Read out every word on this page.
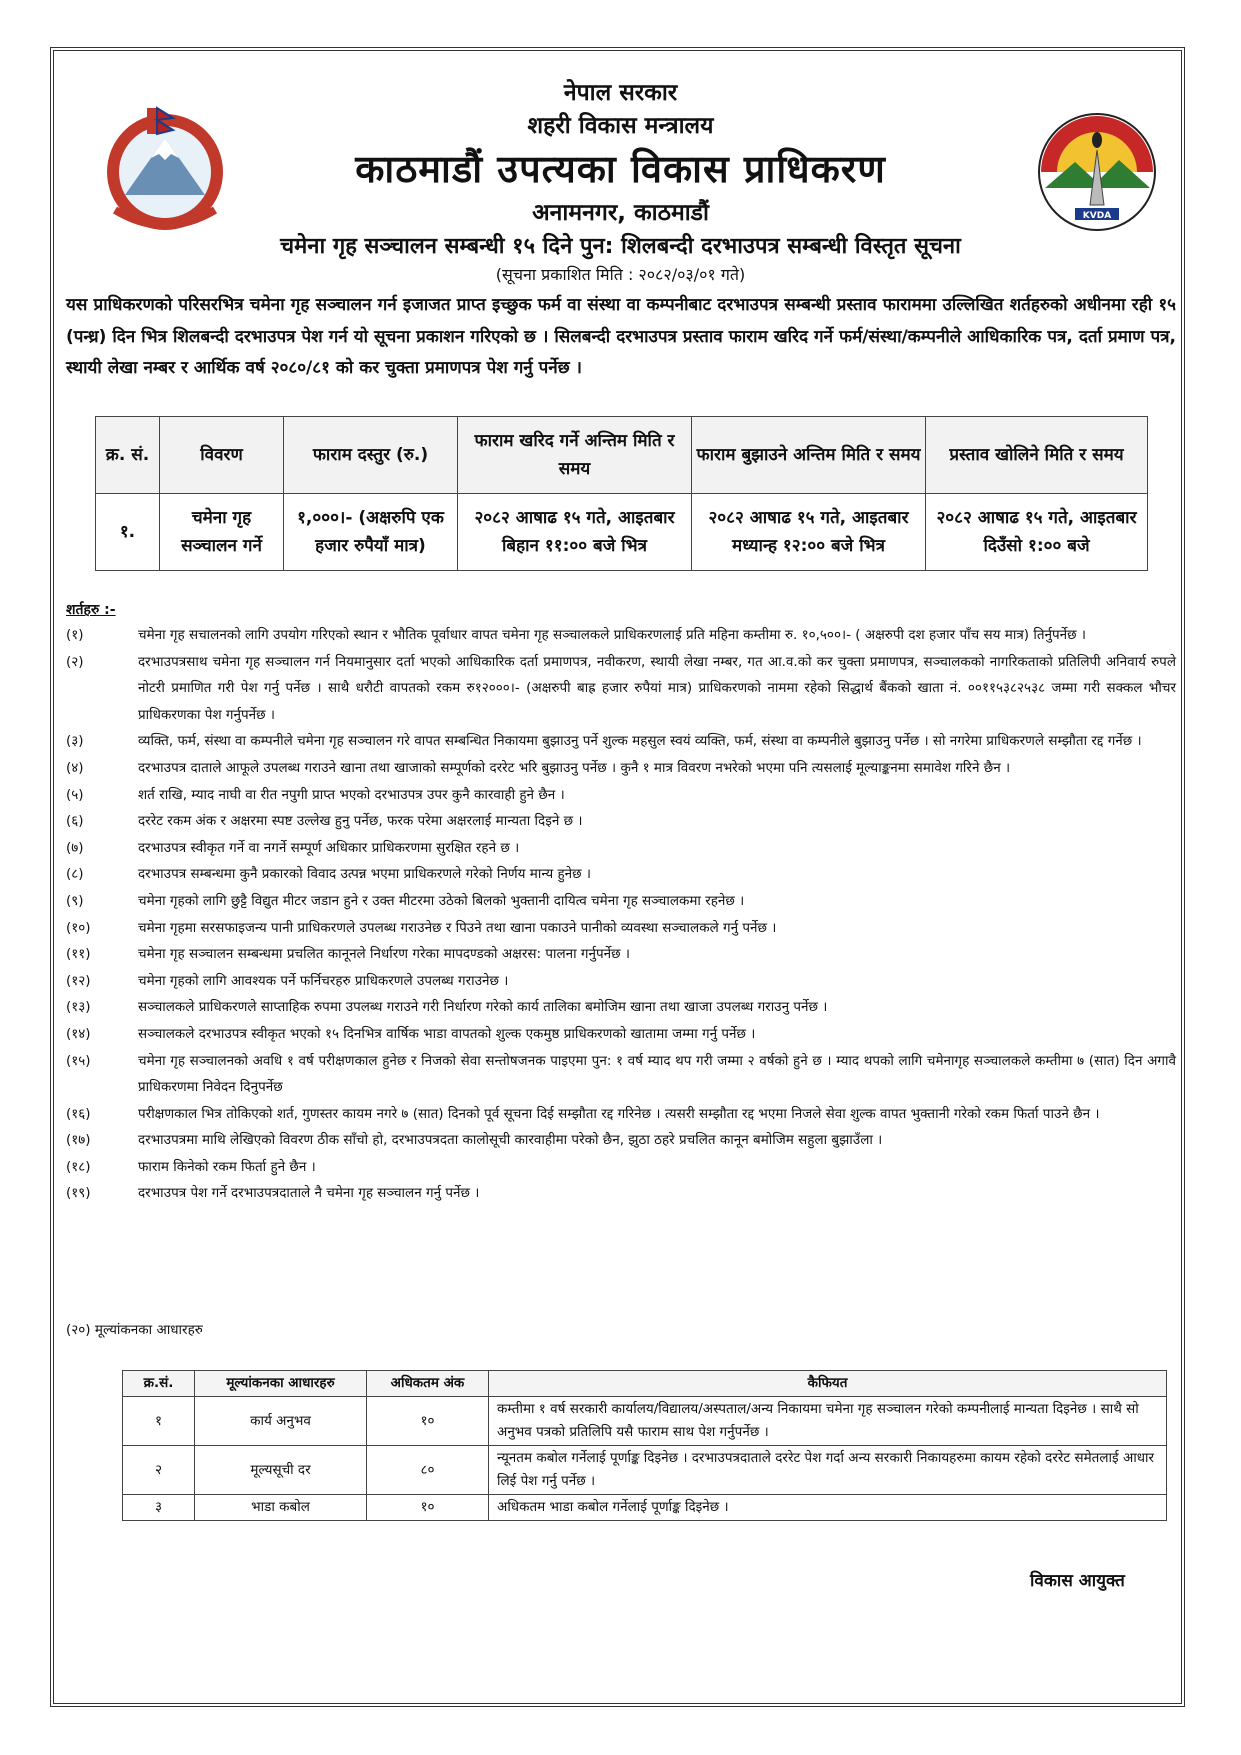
KVDA
नेपाल सरकार
शहरी विकास मन्त्रालय
काठमाडौं उपत्यका विकास प्राधिकरण
अनामनगर, काठमाडौं
चमेना गृह सञ्चालन सम्बन्धी १५ दिने पुन: शिलबन्दी दरभाउपत्र सम्बन्धी विस्तृत सूचना
(सूचना प्रकाशित मिति : २०८२/०३/०१ गते)
यस प्राधिकरणको परिसरभित्र चमेना गृह सञ्चालन गर्न इजाजत प्राप्त इच्छुक फर्म वा संस्था वा कम्पनीबाट दरभाउपत्र सम्बन्धी प्रस्ताव फाराममा उल्लिखित शर्तहरुको अधीनमा रही १५ (पन्ध्र) दिन भित्र शिलबन्दी दरभाउपत्र पेश गर्न यो सूचना प्रकाशन गरिएको छ । सिलबन्दी दरभाउपत्र प्रस्ताव फाराम खरिद गर्ने फर्म/संस्था/कम्पनीले आधिकारिक पत्र, दर्ता प्रमाण पत्र, स्थायी लेखा नम्बर र आर्थिक वर्ष २०८०/८१ को कर चुक्ता प्रमाणपत्र पेश गर्नु पर्नेछ ।
क्र. सं.	विवरण	फाराम दस्तुर (रु.)	फाराम खरिद गर्ने अन्तिम मिति र समय	फाराम बुझाउने अन्तिम मिति र समय	प्रस्ताव खोलिने मिति र समय
१.	चमेना गृह सञ्चालन गर्ने	१,०००।- (अक्षरुपि एक हजार रुपैयाँ मात्र)	२०८२ आषाढ १५ गते, आइतबार बिहान ११:०० बजे भित्र	२०८२ आषाढ १५ गते, आइतबार मध्यान्ह १२:०० बजे भित्र	२०८२ आषाढ १५ गते, आइतबार दिउँसो १:०० बजे
शर्तहरु :-
(१)	चमेना गृह सचालनको लागि उपयोग गरिएको स्थान र भौतिक पूर्वाधार वापत चमेना गृह सञ्चालकले प्राधिकरणलाई प्रति महिना कम्तीमा रु. १०,५००।- ( अक्षरुपी दश हजार पाँच सय मात्र) तिर्नुपर्नेछ ।
(२)	दरभाउपत्रसाथ चमेना गृह सञ्चालन गर्न नियमानुसार दर्ता भएको आधिकारिक दर्ता प्रमाणपत्र, नवीकरण, स्थायी लेखा नम्बर, गत आ.व.को कर चुक्ता प्रमाणपत्र, सञ्चालकको नागरिकताको प्रतिलिपी अनिवार्य रुपले नोटरी प्रमाणित गरी पेश गर्नु पर्नेछ । साथै धरौटी वापतको रकम रु१२०००।- (अक्षरुपी बाह्र हजार रुपैयां मात्र) प्राधिकरणको नाममा रहेको सिद्धार्थ बैंकको खाता नं. ००११५३८२५३८ जम्मा गरी सक्कल भौचर प्राधिकरणका पेश गर्नुपर्नेछ ।
(३)	व्यक्ति, फर्म, संस्था वा कम्पनीले चमेना गृह सञ्चालन गरे वापत सम्बन्धित निकायमा बुझाउनु पर्ने शुल्क महसुल स्वयं व्यक्ति, फर्म, संस्था वा कम्पनीले बुझाउनु पर्नेछ । सो नगरेमा प्राधिकरणले सम्झौता रद्द गर्नेछ ।
(४)	दरभाउपत्र दाताले आफूले उपलब्ध गराउने खाना तथा खाजाको सम्पूर्णको दररेट भरि बुझाउनु पर्नेछ । कुनै १ मात्र विवरण नभरेको भएमा पनि त्यसलाई मूल्याङ्कनमा समावेश गरिने छैन ।
(५)	शर्त राखि, म्याद नाघी वा रीत नपुगी प्राप्त भएको दरभाउपत्र उपर कुनै कारवाही हुने छैन ।
(६)	दररेट रकम अंक र अक्षरमा स्पष्ट उल्लेख हुनु पर्नेछ, फरक परेमा अक्षरलाई मान्यता दिइने छ ।
(७)	दरभाउपत्र स्वीकृत गर्ने वा नगर्ने सम्पूर्ण अधिकार प्राधिकरणमा सुरक्षित रहने छ ।
(८)	दरभाउपत्र सम्बन्धमा कुनै प्रकारको विवाद उत्पन्न भएमा प्राधिकरणले गरेको निर्णय मान्य हुनेछ ।
(९)	चमेना गृहको लागि छुट्टै विद्युत मीटर जडान हुने र उक्त मीटरमा उठेको बिलको भुक्तानी दायित्व चमेना गृह सञ्चालकमा रहनेछ ।
(१०)	चमेना गृहमा सरसफाइजन्य पानी प्राधिकरणले उपलब्ध गराउनेछ र पिउने तथा खाना पकाउने पानीको व्यवस्था सञ्चालकले गर्नु पर्नेछ ।
(११)	चमेना गृह सञ्चालन सम्बन्धमा प्रचलित कानूनले निर्धारण गरेका मापदण्डको अक्षरस: पालना गर्नुपर्नेछ ।
(१२)	चमेना गृहको लागि आवश्यक पर्ने फर्निचरहरु प्राधिकरणले उपलब्ध गराउनेछ ।
(१३)	सञ्चालकले प्राधिकरणले साप्ताहिक रुपमा उपलब्ध गराउने गरी निर्धारण गरेको कार्य तालिका बमोजिम खाना तथा खाजा उपलब्ध गराउनु पर्नेछ ।
(१४)	सञ्चालकले दरभाउपत्र स्वीकृत भएको १५ दिनभित्र वार्षिक भाडा वापतको शुल्क एकमुष्ठ प्राधिकरणको खातामा जम्मा गर्नु पर्नेछ ।
(१५)	चमेना गृह सञ्चालनको अवधि १ वर्ष परीक्षणकाल हुनेछ र निजको सेवा सन्तोषजनक पाइएमा पुन: १ वर्ष म्याद थप गरी जम्मा २ वर्षको हुने छ । म्याद थपको लागि चमेनागृह सञ्चालकले कम्तीमा ७ (सात) दिन अगावै प्राधिकरणमा निवेदन दिनुपर्नेछ
(१६)	परीक्षणकाल भित्र तोकिएको शर्त, गुणस्तर कायम नगरे ७ (सात) दिनको पूर्व सूचना दिई सम्झौता रद्द गरिनेछ । त्यसरी सम्झौता रद्द भएमा निजले सेवा शुल्क वापत भुक्तानी गरेको रकम फिर्ता पाउने छैन ।
(१७)	दरभाउपत्रमा माथि लेखिएको विवरण ठीक साँचो हो, दरभाउपत्रदता कालोसूची कारवाहीमा परेको छैन, झुठा ठहरे प्रचलित कानून बमोजिम सहुला बुझाउँला ।
(१८)	फाराम किनेको रकम फिर्ता हुने छैन ।
(१९)	दरभाउपत्र पेश गर्ने दरभाउपत्रदाताले नै चमेना गृह सञ्चालन गर्नु पर्नेछ ।
(२०) मूल्यांकनका आधारहरु
क्र.सं.	मूल्यांकनका आधारहरु	अधिकतम अंक	कैफियत
१	कार्य अनुभव	१०	कम्तीमा १ वर्ष सरकारी कार्यालय/विद्यालय/अस्पताल/अन्य निकायमा चमेना गृह सञ्चालन गरेको कम्पनीलाई मान्यता दिइनेछ । साथै सो अनुभव पत्रको प्रतिलिपि यसै फाराम साथ पेश गर्नुपर्नेछ ।
२	मूल्यसूची दर	८०	न्यूनतम कबोल गर्नेलाई पूर्णाङ्क दिइनेछ । दरभाउपत्रदाताले दररेट पेश गर्दा अन्य सरकारी निकायहरुमा कायम रहेको दररेट समेतलाई आधार लिई पेश गर्नु पर्नेछ ।
३	भाडा कबोल	१०	अधिकतम भाडा कबोल गर्नेलाई पूर्णाङ्क दिइनेछ ।
विकास आयुक्त
